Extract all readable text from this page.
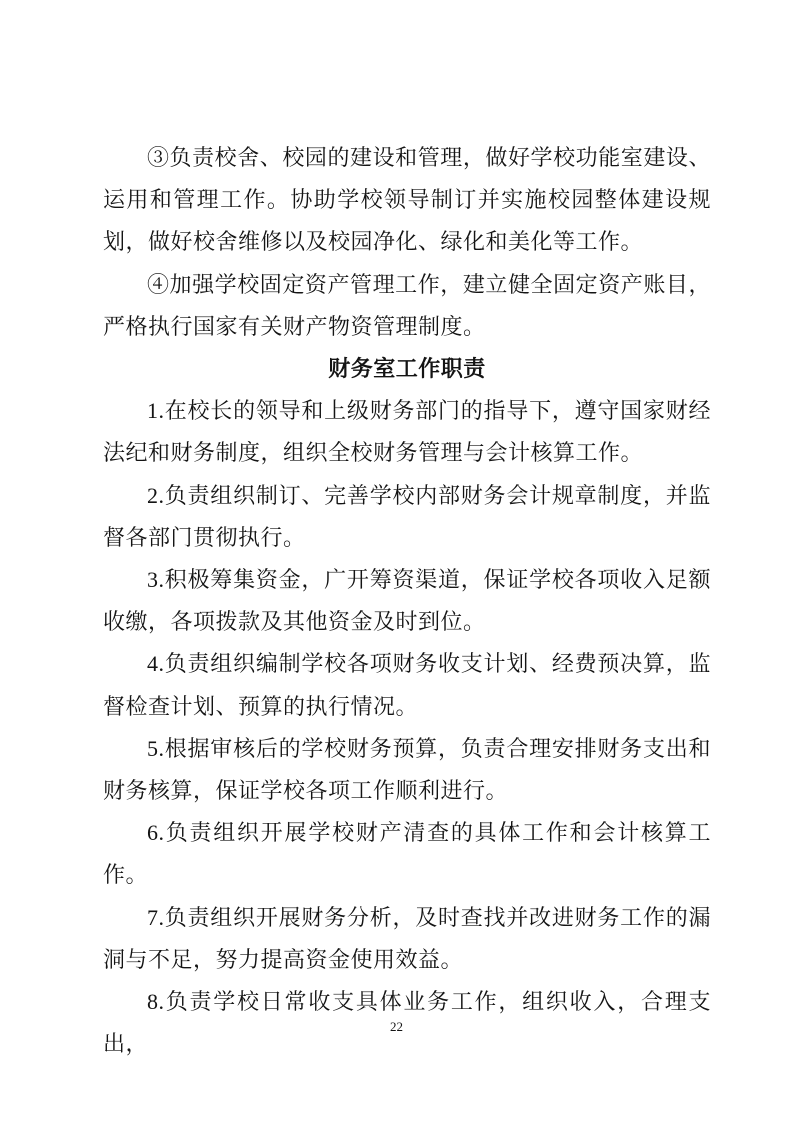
③负责校舍、校园的建设和管理，做好学校功能室建设、运用和管理工作。协助学校领导制订并实施校园整体建设规划，做好校舍维修以及校园净化、绿化和美化等工作。

④加强学校固定资产管理工作，建立健全固定资产账目，严格执行国家有关财产物资管理制度。

财务室工作职责

1.在校长的领导和上级财务部门的指导下，遵守国家财经法纪和财务制度，组织全校财务管理与会计核算工作。

2.负责组织制订、完善学校内部财务会计规章制度，并监督各部门贯彻执行。

3.积极筹集资金，广开筹资渠道，保证学校各项收入足额收缴，各项拨款及其他资金及时到位。

4.负责组织编制学校各项财务收支计划、经费预决算，监督检查计划、预算的执行情况。

5.根据审核后的学校财务预算，负责合理安排财务支出和财务核算，保证学校各项工作顺利进行。

6.负责组织开展学校财产清查的具体工作和会计核算工作。

7.负责组织开展财务分析，及时查找并改进财务工作的漏洞与不足，努力提高资金使用效益。

8.负责学校日常收支具体业务工作，组织收入，合理支出，

22
